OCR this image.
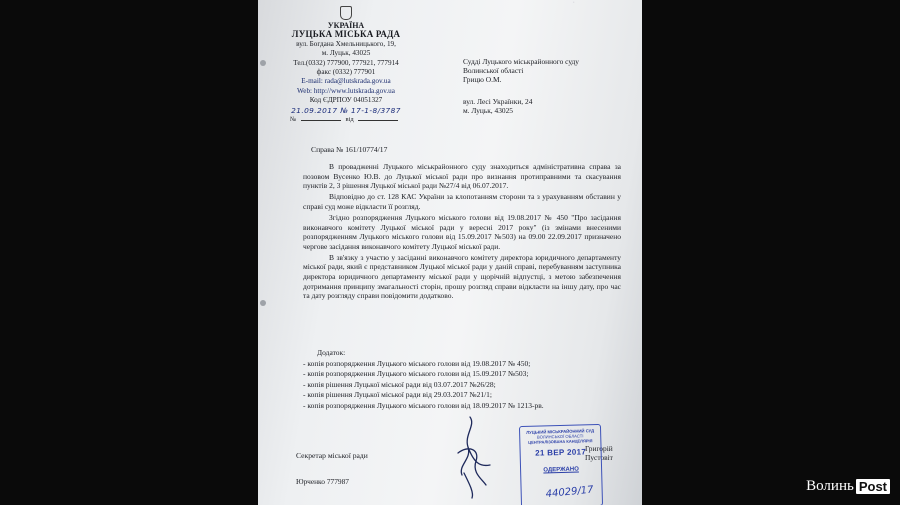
УКРАЇНА
ЛУЦЬКА МІСЬКА РАДА
вул. Богдана Хмельницького, 19,
м. Луцьк, 43025
Тел.(0332) 777900, 777921, 777914
факс (0332) 777901
E-mail: rada@lutskrada.gov.ua
Web: http://www.lutskrada.gov.ua
Код ЄДРПОУ 04051327
21.09.2017 № 17-1-8/3787
№	від
·
Судді Луцького міськрайонного суду
Волинської області
Грицю О.М.
вул. Лесі Українки, 24
м. Луцьк, 43025
Справа № 161/10774/17

В провадженні Луцького міськрайонного суду знаходиться адміністративна справа за позовом Вусенко Ю.В. до Луцької міської ради про визнання протиправними та скасування пунктів 2, 3 рішення Луцької міської ради №27/4 від 06.07.2017.

Відповідно до ст. 128 КАС України за клопотанням сторони та з урахуванням обставин у справі суд може відкласти її розгляд.

Згідно розпорядження Луцького міського голови від 19.08.2017 № 450 "Про засідання виконавчого комітету Луцької міської ради у вересні 2017 року" (із змінами внесеними розпорядженням Луцького міського голови від 15.09.2017 №503) на 09.00 22.09.2017 призначено чергове засідання виконавчого комітету Луцької міської ради.

В зв'язку з участю у засіданні виконавчого комітету директора юридичного департаменту міської ради, який є представником Луцької міської ради у даній справі, перебуванням заступника директора юридичного департаменту міської ради у щорічній відпустці, з метою забезпечення дотримання принципу змагальності сторін, прошу розгляд справи відкласти на іншу дату, про час та дату розгляду справи повідомити додатково.

Додаток:
- копія розпорядження Луцького міського голови від 19.08.2017 № 450;
- копія розпорядження Луцького міського голови від 15.09.2017 №503;
- копія рішення Луцької міської ради від 03.07.2017 №26/28;
- копія рішення Луцької міської ради від 29.03.2017 №21/1;
- копія розпорядження Луцького міського голови від 18.09.2017 № 1213-рв.
Секретар міської ради
Григорій Пустовіт
Юрченко 777987
ЛУЦЬКИЙ МІСЬКРАЙОННИЙ СУД
ВОЛИНСЬКОЇ ОБЛАСТІ
ЦЕНТРАЛІЗОВАНА КАНЦЕЛЯРІЯ
21 ВЕР 2017
ОДЕРЖАНО
44029/17	Волинь Post
